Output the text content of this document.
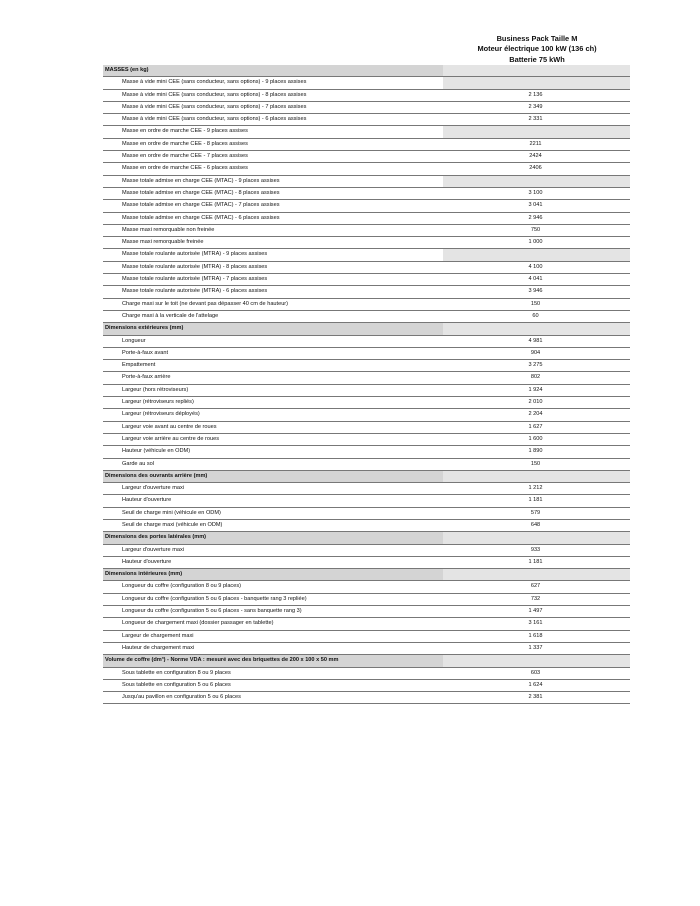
Business Pack Taille M
Moteur électrique 100 kW (136 ch)
Batterie 75 kWh
MASSES (en kg)
Masse à vide mini CEE (sans conducteur, sans options) - 9 places assises
Masse à vide mini CEE (sans conducteur, sans options) - 8 places assises	2 136
Masse à vide mini CEE (sans conducteur, sans options) - 7 places assises	2 349
Masse à vide mini CEE (sans conducteur, sans options) - 6 places assises	2 331
Masse en ordre de marche CEE - 9 places assises
Masse en ordre de marche CEE - 8 places assises	2211
Masse en ordre de marche CEE - 7 places assises	2424
Masse en ordre de marche CEE - 6 places assises	2406
Masse totale admise en charge CEE (MTAC) - 9 places assises
Masse totale admise en charge CEE (MTAC) - 8 places assises	3 100
Masse totale admise en charge CEE (MTAC) - 7 places assises	3 041
Masse totale admise en charge CEE (MTAC) - 6 places assises	2 946
Masse maxi remorquable non freinée	750
Masse maxi remorquable freinée	1 000
Masse totale roulante autorisée (MTRA) - 9 places assises
Masse totale roulante autorisée (MTRA) - 8 places assises	4 100
Masse totale roulante autorisée (MTRA) - 7 places assises	4 041
Masse totale roulante autorisée (MTRA) - 6 places assises	3 946
Charge maxi sur le toit (ne devant pas dépasser 40 cm de hauteur)	150
Charge maxi à la verticale de l'attelage	60
Dimensions extérieures (mm)
Longueur	4 981
Porte-à-faux avant	904
Empattement	3 275
Porte-à-faux arrière	802
Largeur (hors rétroviseurs)	1 924
Largeur (rétroviseurs repliés)	2 010
Largeur (rétroviseurs déployés)	2 204
Largeur voie avant au centre de roues	1 627
Largeur voie arrière au centre de roues	1 600
Hauteur (véhicule en ODM)	1 890
Garde au sol	150
Dimensions des ouvrants arrière (mm)
Largeur d'ouverture maxi	1 212
Hauteur d'ouverture	1 181
Seuil de charge mini (véhicule en ODM)	579
Seuil de charge maxi (véhicule en ODM)	648
Dimensions des portes latérales (mm)
Largeur d'ouverture maxi	933
Hauteur d'ouverture	1 181
Dimensions intérieures (mm)
Longueur du coffre (configuration 8 ou 9 places)	627
Longueur du coffre (configuration 5 ou 6 places - banquette rang 3 repliée)	732
Longueur du coffre (configuration 5 ou 6 places - sans banquette rang 3)	1 497
Longueur de chargement maxi (dossier passager en tablette)	3 161
Largeur de chargement maxi	1 618
Hauteur de chargement maxi	1 337
Volume de coffre (dm³) - Norme VDA : mesuré avec des briquettes de 200 x 100 x 50 mm
Sous tablette en configuration 8 ou 9 places	603
Sous tablette en configuration 5 ou 6 places	1 624
Jusqu'au pavillon en configuration 5 ou 6 places	2 381
